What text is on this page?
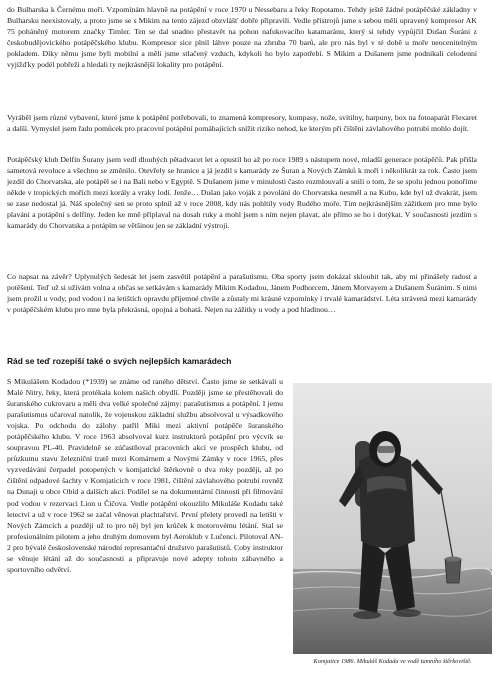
do Bulharska k Černému moři. Vzpomínám hlavně na potápění v roce 1970 u Nessebaru a řeky Ropotamo. Tehdy ještě žádné potápěčské základny v Bulharsku neexistovaly, a proto jsme se s Mikim na tento zájezd obzvlášť dobře připravili. Vedle přístrojů jsme s sebou měli upravený kompresor AK 75 poháněný motorem značky Timler. Ten se dal snadno přestavět na pohon nafukovacího katamaránu, který si tehdy vypůjčil Dušan Šuráni z českobudějovického potápěčského klubu. Kompresor sice plnil láhve pouze na zhruba 70 barů, ale pro nás byl v té době u moře neocenitelným pokladem. Díky němu jsme byli mobilní a měli jsme stlačený vzduch, kdykoli ho bylo zapotřebí. S Mikim a Dušanem jsme podnikali celodenní vyjížďky podél pobřeží a hledali ty nejkrásnější lokality pro potápění.

Vyráběl jsem různé vybavení, které jsme k potápění potřebovali, to znamená kompresory, kompasy, nože, svítilny, harpuny, box na fotoaparát Flexaret a další. Vymyslel jsem řadu pomůcek pro pracovní potápění pomáhajících snížit riziko nehod, ke kterým při čištění závlahového potrubí mohlo dojít.

Potápěčský klub Delfín Šurany jsem vedl dlouhých pětadvacet let a opustil ho až po roce 1989 s nástupem nové, mladší generace potápěčů. Pak přišla sametová revoluce a všechno se změnilo. Otevřely se hranice a já jezdil s kamarády ze Šuran a Nových Zámků k moři i několikrát za rok. Často jsem jezdil do Chorvatska, ale potápěl se i na Bali nebo v Egyptě. S Dušanem jsme v minulosti často rozmlouvali a snili o tom, že se spolu jednou ponoříme někde v tropických mořích mezi korály a vraky lodí. Jenže… Dušan jako voják z povolání do Chorvatska nesměl a na Kubu, kde byl už dvakrát, jsem se zase nedostal já. Náš společný sen se proto splnil až v roce 2008, kdy nás pohltily vody Rudého moře. Tím nejkrásnějším zážitkem pro mne bylo plavání a potápění s delfíny. Jeden ke mně připlaval na dosah ruky a mohl jsem s ním nejen plavat, ale přímo se ho i dotýkat. V současnosti jezdím s kamarády do Chorvatska a potápím se většinou jen se základní výstrojí.

Co napsat na závěr? Uplynulých šedesát let jsem zasvětil potápění a parašutismu. Oba sporty jsem dokázal skloubit tak, aby mi přinášely radost a potěšení. Teď už si užívám volna a občas se setkávám s kamarády Mikim Kodadou, Jánem Podhorcem, Jánem Morvayem a Dušanem Šuránim. S nimi jsem prožil u vody, pod vodou i na letištích opravdu příjemné chvíle a zůstaly mi krásné vzpomínky i trvalé kamarádství. Léta strávená mezi kamarády v potápěčském klubu pro mne byla překrásná, opojná a bohatá. Nejen na zážitky u vody a pod hladinou…

Rád se teď rozepíší také o svých nejlepších kamarádech

S Mikulášem Kodadou (*1939) se známe od raného dětství. Často jsme se setkávali u Malé Nitry, řeky, která protékala kolem našich obydlí. Později jsme se přestěhovali do šuranského cukrovaru a měli dva velké společné zájmy: parašutismus a potápění. I jemu parašutismus učaroval natolik, že vojenskou základní službu absolvoval u výsadkového vojska. Po odchodu do zálohy patřil Miki mezi aktivní potápěče šuranského potápěčského klubu. V roce 1963 absolvoval kurz instruktorů potápění pro výcvik se soupravou PL-40. Pravidelně se zúčastňoval pracovních akcí ve prospěch klubu, od průzkumu stavu železniční tratě mezi Komárnem a Novými Zámky v roce 1965, přes vyzvedávání čerpadel potopených v komjatické štěrkovně o dva roky později, až po čištění odpadové šachty v Komjaticích v roce 1981, čištění závlahového potrubí rovněž na Dunaji u obce Obid a dalších akcí. Podílel se na dokumentární činnosti při filmování pod vodou v rezervaci Lion u Číčova. Vedle potápění okouzlilo Mikuláše Kodadu také letectví a už v roce 1962 se začal věnovat plachtařství. První přelety provedl na letišti v Nových Zámcích a později už to pro něj byl jen krůček k motorovému létání. Stal se profesionálním pilotem a jeho druhým domovem byl Aeroklub v Lučenci. Pilotoval AN-2 pro bývalé československé národní represantační družstvo parašutistů. Coby instruktor se věnuje létání až do současnosti a připravuje nové adepty tohoto zábavného a sportovního odvětví.

Komjatice 1986. Mikuláš Kodada ve vodě tamního štěrkoviště.
